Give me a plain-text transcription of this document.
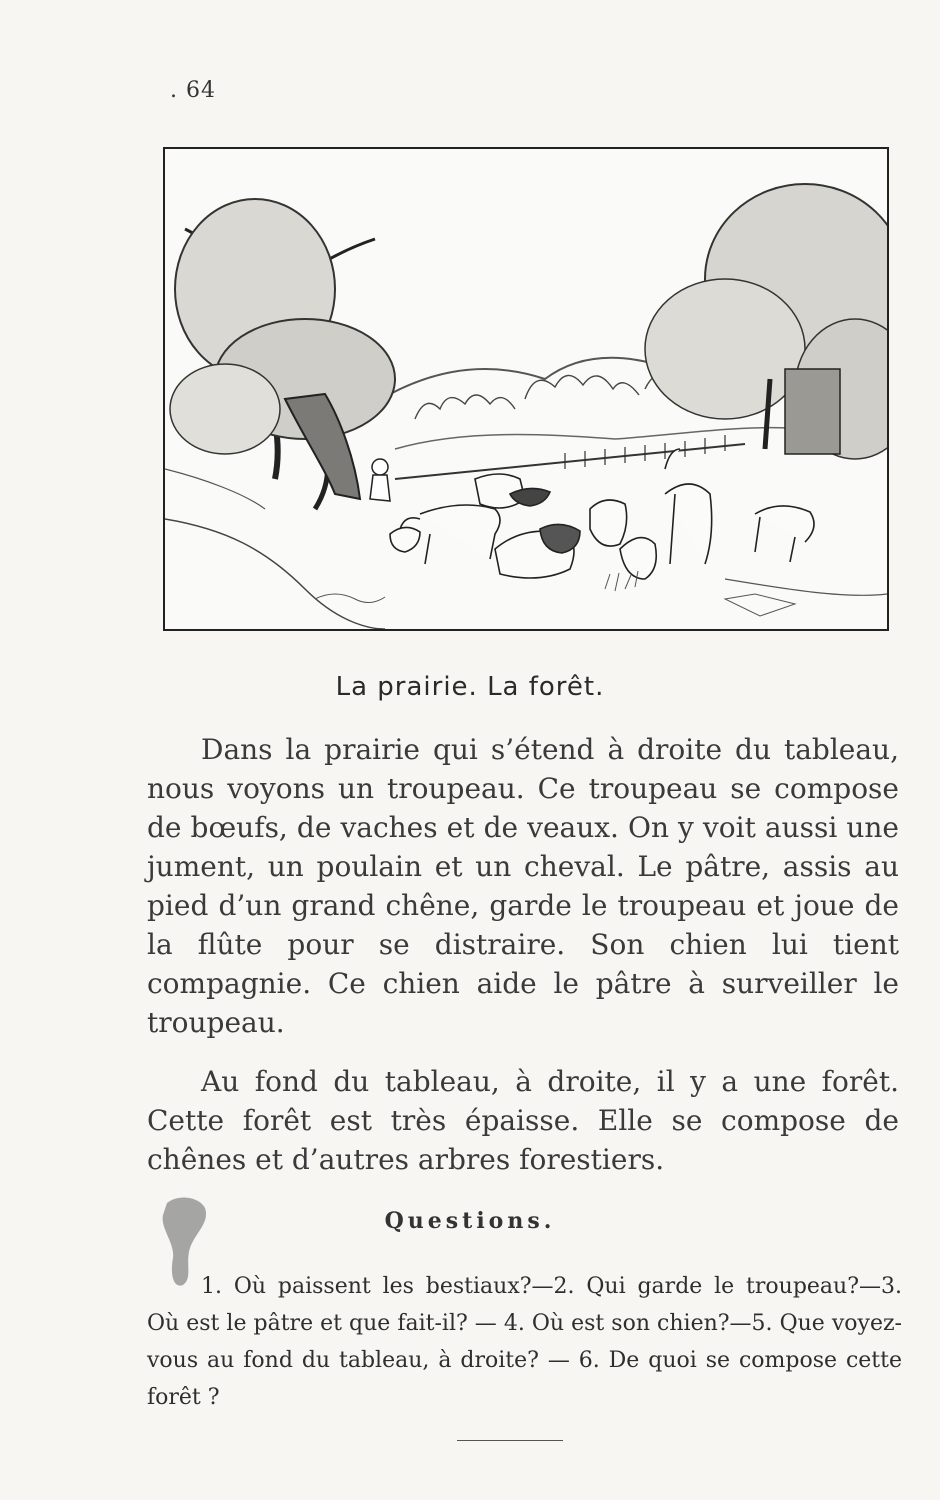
. 64
La prairie. La forêt.

Dans la prairie qui s’étend à droite du tableau, nous voyons un troupeau. Ce troupeau se compose de bœufs, de vaches et de veaux. On y voit aussi une jument, un poulain et un cheval. Le pâtre, assis au pied d’un grand chêne, garde le troupeau et joue de la flûte pour se distraire. Son chien lui tient compagnie. Ce chien aide le pâtre à surveiller le troupeau.

Au fond du tableau, à droite, il y a une forêt. Cette forêt est très épaisse. Elle se compose de chênes et d’autres arbres forestiers.

Questions.

1. Où paissent les bestiaux?—2. Qui garde le troupeau?—3. Où est le pâtre et que fait-il? — 4. Où est son chien?—5. Que voyez-vous au fond du tableau, à droite? — 6. De quoi se compose cette forêt ?
